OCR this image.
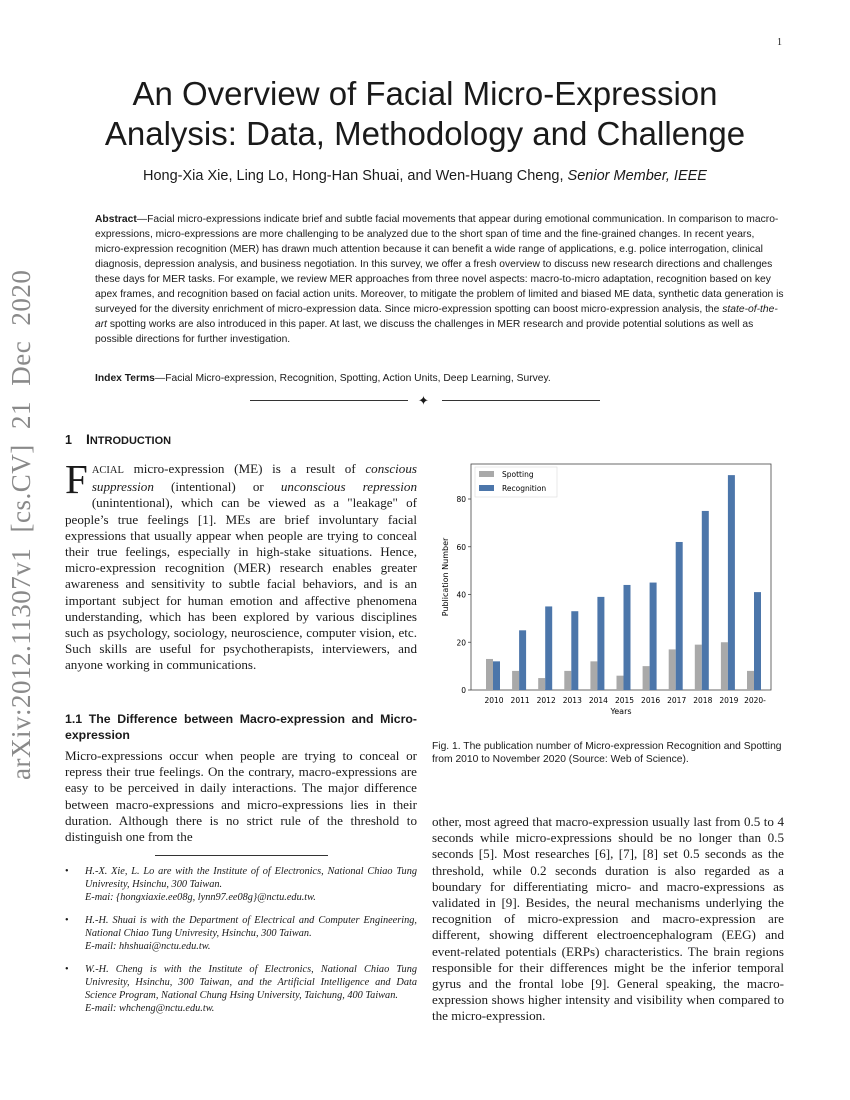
1
arXiv:2012.11307v1 [cs.CV] 21 Dec 2020
An Overview of Facial Micro-Expression
Analysis: Data, Methodology and Challenge
Hong-Xia Xie, Ling Lo, Hong-Han Shuai, and Wen-Huang Cheng, Senior Member, IEEE
Abstract—Facial micro-expressions indicate brief and subtle facial movements that appear during emotional communication. In comparison to macro-expressions, micro-expressions are more challenging to be analyzed due to the short span of time and the fine-grained changes. In recent years, micro-expression recognition (MER) has drawn much attention because it can benefit a wide range of applications, e.g. police interrogation, clinical diagnosis, depression analysis, and business negotiation. In this survey, we offer a fresh overview to discuss new research directions and challenges these days for MER tasks. For example, we review MER approaches from three novel aspects: macro-to-micro adaptation, recognition based on key apex frames, and recognition based on facial action units. Moreover, to mitigate the problem of limited and biased ME data, synthetic data generation is surveyed for the diversity enrichment of micro-expression data. Since micro-expression spotting can boost micro-expression analysis, the state-of-the-art spotting works are also introduced in this paper. At last, we discuss the challenges in MER research and provide potential solutions as well as possible directions for further investigation.
Index Terms—Facial Micro-expression, Recognition, Spotting, Action Units, Deep Learning, Survey.
✦
1 INTRODUCTION
FACIAL micro-expression (ME) is a result of conscious suppression (intentional) or unconscious repression (unintentional), which can be viewed as a "leakage" of people’s true feelings [1]. MEs are brief involuntary facial expressions that usually appear when people are trying to conceal their true feelings, especially in high-stake situations. Hence, micro-expression recognition (MER) research enables greater awareness and sensitivity to subtle facial behaviors, and is an important subject for human emotion and affective phenomena understanding, which has been explored by various disciplines such as psychology, sociology, neuroscience, computer vision, etc. Such skills are useful for psychotherapists, interviewers, and anyone working in communications.
1.1 The Difference between Macro-expression and Micro-expression
Micro-expressions occur when people are trying to conceal or repress their true feelings. On the contrary, macro-expressions are easy to be perceived in daily interactions. The major difference between macro-expressions and micro-expressions lies in their duration. Although there is no strict rule of the threshold to distinguish one from the
• H.-X. Xie, L. Lo are with the Institute of of Electronics, National Chiao Tung Univresity, Hsinchu, 300 Taiwan.
E-mai: {hongxiaxie.ee08g, lynn97.ee08g}@nctu.edu.tw.
• H.-H. Shuai is with the Department of Electrical and Computer Engineering, National Chiao Tung Univresity, Hsinchu, 300 Taiwan.
E-mail: hhshuai@nctu.edu.tw.
• W.-H. Cheng is with the Institute of Electronics, National Chiao Tung Univresity, Hsinchu, 300 Taiwan, and the Artificial Intelligence and Data Science Program, National Chung Hsing University, Taichung, 400 Taiwan.
E-mail: whcheng@nctu.edu.tw.
0
20
40
60
80
2010 2011 2012 2013 2014 2015 2016 2017 2018 2019 2020-
Years
Publication Number
Spotting
Recognition
Fig. 1. The publication number of Micro-expression Recognition and Spotting from 2010 to November 2020 (Source: Web of Science).
other, most agreed that macro-expression usually last from 0.5 to 4 seconds while micro-expressions should be no longer than 0.5 seconds [5]. Most researches [6], [7], [8] set 0.5 seconds as the threshold, while 0.2 seconds duration is also regarded as a boundary for differentiating micro- and macro-expressions as validated in [9]. Besides, the neural mechanisms underlying the recognition of micro-expression and macro-expression are different, showing different electroencephalogram (EEG) and event-related potentials (ERPs) characteristics. The brain regions responsible for their differences might be the inferior temporal gyrus and the frontal lobe [9]. General speaking, the macro-expression shows higher intensity and visibility when compared to the micro-expression.
